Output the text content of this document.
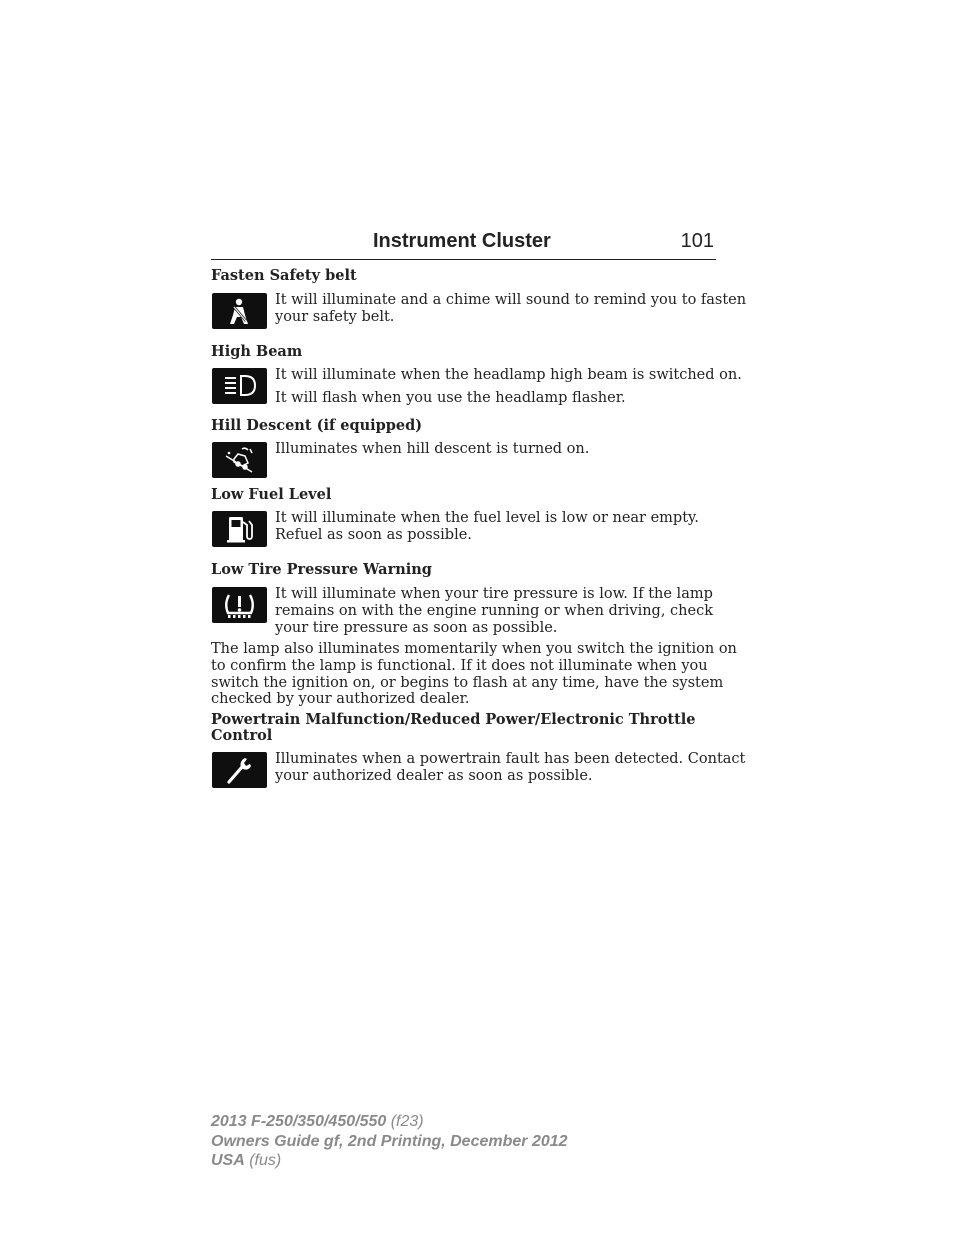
Instrument Cluster	101
Fasten Safety belt
It will illuminate and a chime will sound to remind you to fasten
your safety belt.
High Beam
It will illuminate when the headlamp high beam is switched on.
It will flash when you use the headlamp flasher.
Hill Descent (if equipped)
Illuminates when hill descent is turned on.
Low Fuel Level
It will illuminate when the fuel level is low or near empty.
Refuel as soon as possible.
Low Tire Pressure Warning
It will illuminate when your tire pressure is low. If the lamp
remains on with the engine running or when driving, check
your tire pressure as soon as possible.
The lamp also illuminates momentarily when you switch the ignition on
to confirm the lamp is functional. If it does not illuminate when you
switch the ignition on, or begins to flash at any time, have the system
checked by your authorized dealer.
Powertrain Malfunction/Reduced Power/Electronic Throttle
Control
Illuminates when a powertrain fault has been detected. Contact
your authorized dealer as soon as possible.
2013 F-250/350/450/550 (f23)
Owners Guide gf, 2nd Printing, December 2012
USA (fus)
